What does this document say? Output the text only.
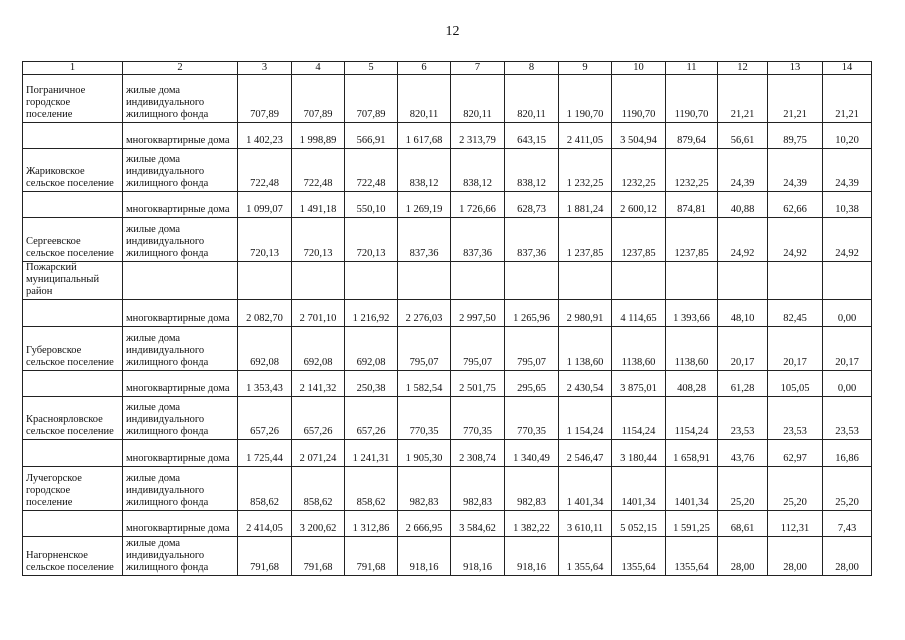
12
1	2	3	4	5	6	7	8	9	10	11	12	13	14
Пограничное городское поселение	жилые дома индивидуального жилищного фонда	707,89	707,89	707,89	820,11	820,11	820,11	1 190,70	1190,70	1190,70	21,21	21,21	21,21
	многоквартирные дома	1 402,23	1 998,89	566,91	1 617,68	2 313,79	643,15	2 411,05	3 504,94	879,64	56,61	89,75	10,20
Жариковское сельское поселение	жилые дома индивидуального жилищного фонда	722,48	722,48	722,48	838,12	838,12	838,12	1 232,25	1232,25	1232,25	24,39	24,39	24,39
	многоквартирные дома	1 099,07	1 491,18	550,10	1 269,19	1 726,66	628,73	1 881,24	2 600,12	874,81	40,88	62,66	10,38
Сергеевское сельское поселение	жилые дома индивидуального жилищного фонда	720,13	720,13	720,13	837,36	837,36	837,36	1 237,85	1237,85	1237,85	24,92	24,92	24,92
Пожарский муниципальный район													
	многоквартирные дома	2 082,70	2 701,10	1 216,92	2 276,03	2 997,50	1 265,96	2 980,91	4 114,65	1 393,66	48,10	82,45	0,00
Губеровское сельское поселение	жилые дома индивидуального жилищного фонда	692,08	692,08	692,08	795,07	795,07	795,07	1 138,60	1138,60	1138,60	20,17	20,17	20,17
	многоквартирные дома	1 353,43	2 141,32	250,38	1 582,54	2 501,75	295,65	2 430,54	3 875,01	408,28	61,28	105,05	0,00
Красноярловское сельское поселение	жилые дома индивидуального жилищного фонда	657,26	657,26	657,26	770,35	770,35	770,35	1 154,24	1154,24	1154,24	23,53	23,53	23,53
	многоквартирные дома	1 725,44	2 071,24	1 241,31	1 905,30	2 308,74	1 340,49	2 546,47	3 180,44	1 658,91	43,76	62,97	16,86
Лучегорское городское поселение	жилые дома индивидуального жилищного фонда	858,62	858,62	858,62	982,83	982,83	982,83	1 401,34	1401,34	1401,34	25,20	25,20	25,20
	многоквартирные дома	2 414,05	3 200,62	1 312,86	2 666,95	3 584,62	1 382,22	3 610,11	5 052,15	1 591,25	68,61	112,31	7,43
Нагорненское сельское поселение	жилые дома индивидуального жилищного фонда	791,68	791,68	791,68	918,16	918,16	918,16	1 355,64	1355,64	1355,64	28,00	28,00	28,00
